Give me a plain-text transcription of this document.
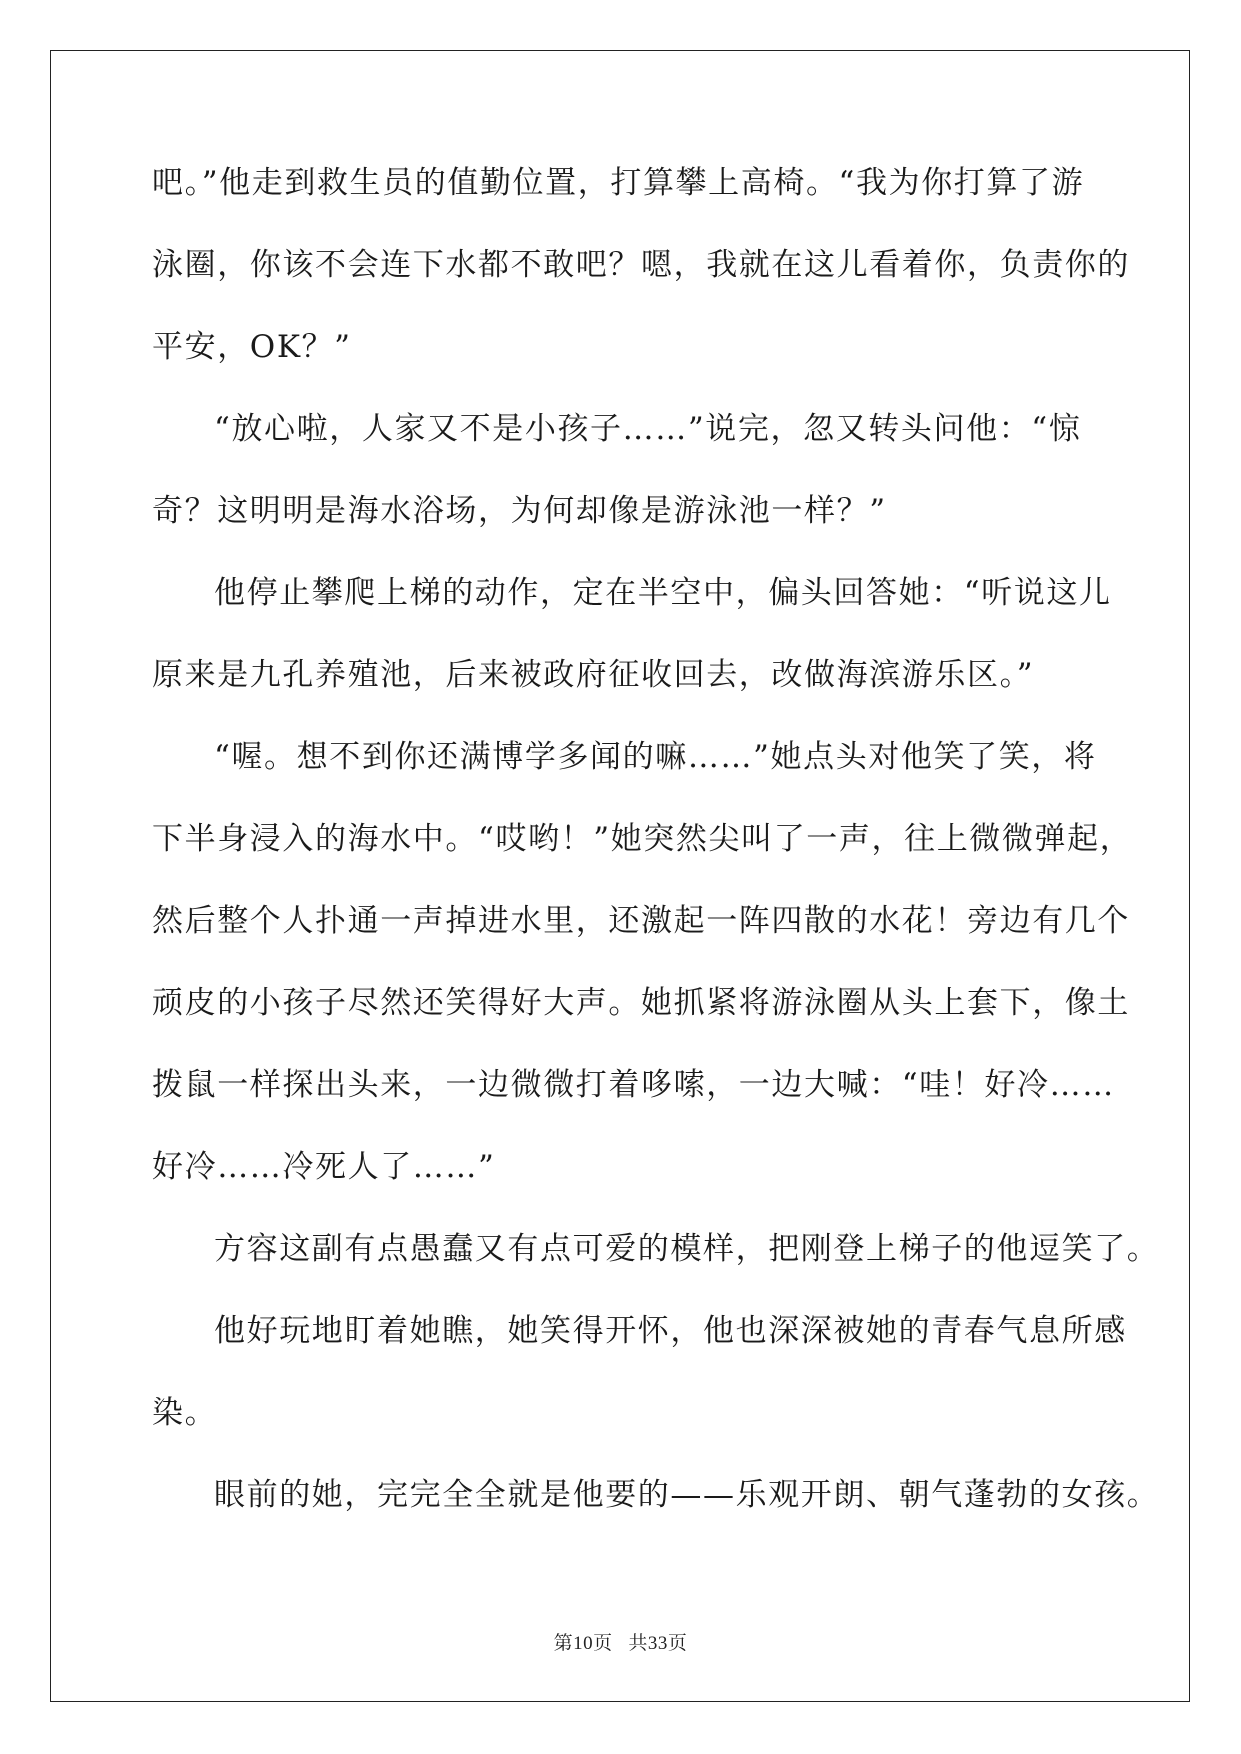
吧。”他走到救生员的值勤位置，打算攀上高椅。“我为你打算了游
泳圈，你该不会连下水都不敢吧？嗯，我就在这儿看着你，负责你的
平安，OK？”
“放心啦，人家又不是小孩子……”说完，忽又转头问他：“惊
奇？这明明是海水浴场，为何却像是游泳池一样？”
他停止攀爬上梯的动作，定在半空中，偏头回答她：“听说这儿
原来是九孔养殖池，后来被政府征收回去，改做海滨游乐区。”
“喔。想不到你还满博学多闻的嘛……”她点头对他笑了笑，将
下半身浸入的海水中。“哎哟！”她突然尖叫了一声，往上微微弹起，
然后整个人扑通一声掉进水里，还激起一阵四散的水花！旁边有几个
顽皮的小孩子尽然还笑得好大声。她抓紧将游泳圈从头上套下，像土
拨鼠一样探出头来，一边微微打着哆嗦，一边大喊：“哇！好冷……
好冷……冷死人了……”
方容这副有点愚蠢又有点可爱的模样，把刚登上梯子的他逗笑了。
他好玩地盯着她瞧，她笑得开怀，他也深深被她的青春气息所感
染。
眼前的她，完完全全就是他要的——乐观开朗、朝气蓬勃的女孩。
第10页 共33页
